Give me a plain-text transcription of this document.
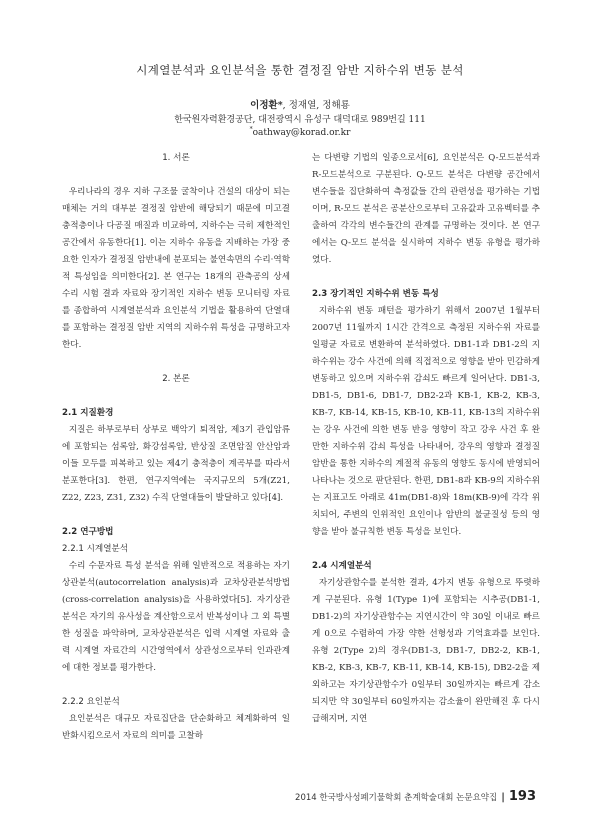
시계열분석과 요인분석을 통한 결정질 암반 지하수위 변동 분석
이정환*, 정재열, 정해룡
한국원자력환경공단, 대전광역시 유성구 대덕대로 989번길 111
*oathway@korad.or.kr
1. 서론

우리나라의 경우 지하 구조물 굴착이나 건설의 대상이 되는 매체는 거의 대부분 결정질 암반에 해당되기 때문에 미고결 충적층이나 다공질 매질과 비교하여, 지하수는 극히 제한적인 공간에서 유동한다[1]. 이는 지하수 유동을 지배하는 가장 중요한 인자가 결정질 암반내에 분포되는 불연속면의 수리·역학적 특성임을 의미한다[2]. 본 연구는 18개의 관측공의 상세 수리 시험 결과 자료와 장기적인 지하수 변동 모니터링 자료를 종합하여 시계열분석과 요인분석 기법을 활용하여 단열대를 포함하는 결정질 암반 지역의 지하수위 특성을 규명하고자 한다.

2. 본론
2.1 지질환경

지질은 하부로부터 상부로 백악기 퇴적암, 제3기 관입암류에 포함되는 섬록암, 화강섬록암, 반상질 조면암질 안산암과 이들 모두를 피복하고 있는 제4기 충적층이 계곡부를 따라서 분포한다[3]. 한편, 연구지역에는 국지규모의 5개(Z21, Z22, Z23, Z31, Z32) 수직 단열대들이 발달하고 있다[4].

2.2 연구방법
2.2.1 시계열분석

수리 수문자료 특성 분석을 위해 일반적으로 적용하는 자기상관분석(autocorrelation analysis)과 교차상관분석방법(cross-correlation analysis)을 사용하였다[5]. 자기상관분석은 자기의 유사성을 계산함으로서 반복성이나 그 외 특별한 성질을 파악하며, 교차상관분석은 입력 시계열 자료와 출력 시계열 자료간의 시간영역에서 상관성으로부터 인과관계에 대한 정보를 평가한다.

2.2.2 요인분석

요인분석은 대규모 자료집단을 단순화하고 체계화하여 일반화시킴으로서 자료의 의미를 고찰하

는 다변량 기법의 일종으로서[6], 요인분석은 Q-모드분석과 R-모드분석으로 구분된다. Q-모드 분석은 다변량 공간에서 변수들을 집단화하여 측정값들 간의 관련성을 평가하는 기법이며, R-모드 분석은 공분산으로부터 고유값과 고유벡터를 추출하여 각각의 변수들간의 관계를 규명하는 것이다. 본 연구에서는 Q-모드 분석을 실시하여 지하수 변동 유형을 평가하였다.

2.3 장기적인 지하수위 변동 특성

지하수위 변동 패턴을 평가하기 위해서 2007년 1월부터 2007년 11월까지 1시간 간격으로 측정된 지하수위 자료를 일평균 자료로 변환하여 분석하였다. DB1-1과 DB1-2의 지하수위는 강수 사건에 의해 직접적으로 영향을 받아 민감하게 변동하고 있으며 지하수위 감쇠도 빠르게 일어난다. DB1-3, DB1-5, DB1-6, DB1-7, DB2-2과 KB-1, KB-2, KB-3, KB-7, KB-14, KB-15, KB-10, KB-11, KB-13의 지하수위는 강우 사건에 의한 변동 반응 영향이 작고 강우 사건 후 완만한 지하수위 감쇠 특성을 나타내어, 강우의 영향과 결정질 암반을 통한 지하수의 계절적 유동의 영향도 동시에 반영되어 나타나는 것으로 판단된다. 한편, DB1-8과 KB-9의 지하수위는 지표고도 아래로 41m(DB1-8)와 18m(KB-9)에 각각 위치되어, 주변의 인위적인 요인이나 암반의 불균질성 등의 영향을 받아 불규칙한 변동 특성을 보인다.

2.4 시계열분석

자기상관함수를 분석한 결과, 4가지 변동 유형으로 뚜렷하게 구분된다. 유형 1(Type 1)에 포함되는 시추공(DB1-1, DB1-2)의 자기상관함수는 지연시간이 약 30일 이내로 빠르게 0으로 수렴하여 가장 약한 선형성과 기억효과를 보인다. 유형 2(Type 2)의 경우(DB1-3, DB1-7, DB2-2, KB-1, KB-2, KB-3, KB-7, KB-11, KB-14, KB-15), DB2-2을 제외하고는 자기상관함수가 0일부터 30일까지는 빠르게 감소되지만 약 30일부터 60일까지는 감소율이 완만해진 후 다시 급해지며, 지연

2014 한국방사성폐기물학회 춘계학술대회 논문요약집 | 193
